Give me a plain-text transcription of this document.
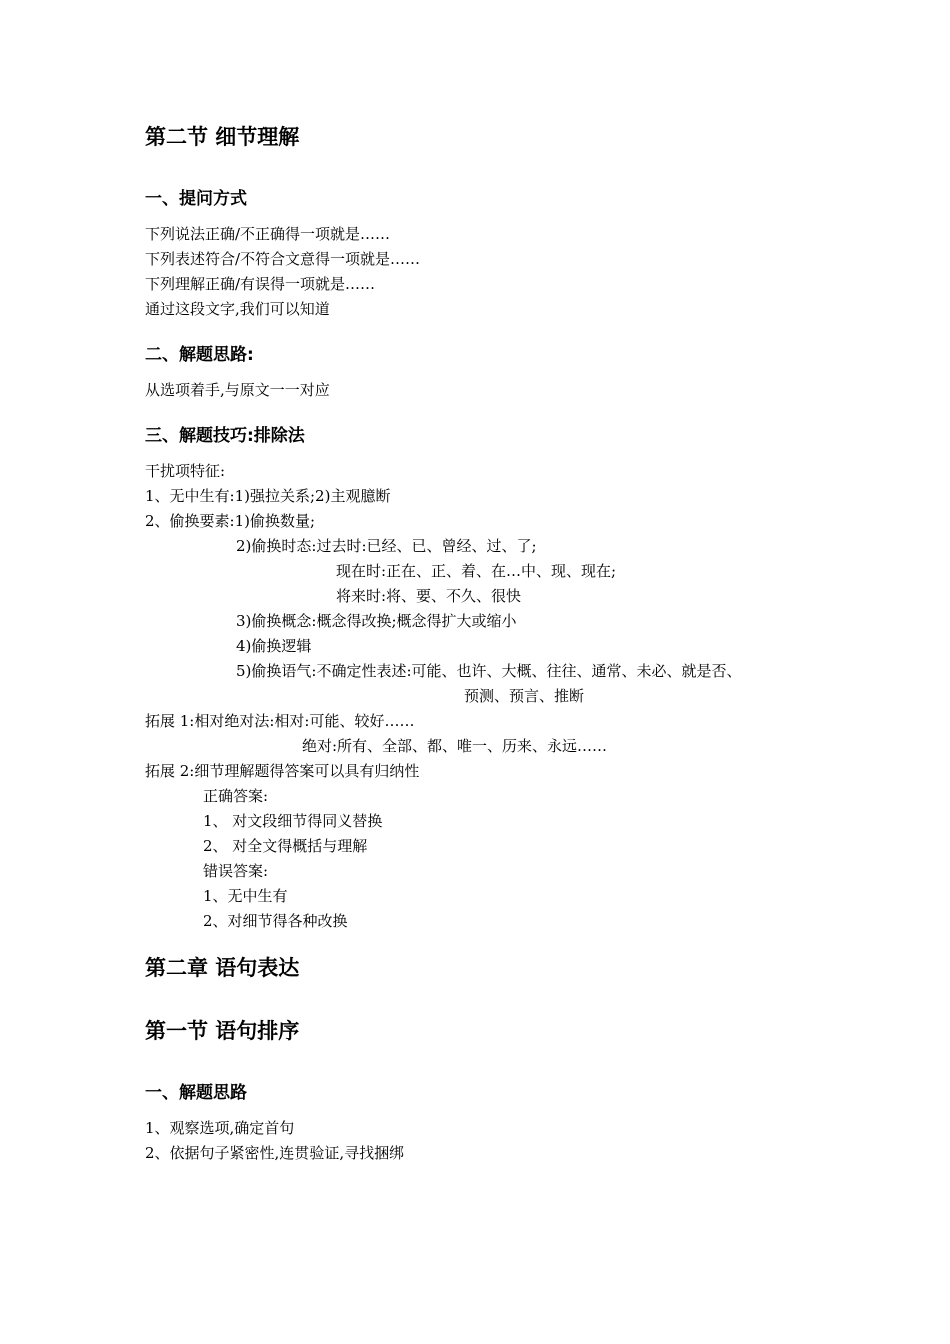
第二节 细节理解
一、提问方式
下列说法正确/不正确得一项就是……
下列表述符合/不符合文意得一项就是……
下列理解正确/有误得一项就是……
通过这段文字,我们可以知道
二、解题思路:
从选项着手,与原文一一对应
三、解题技巧:排除法
干扰项特征:
1、无中生有:1)强拉关系;2)主观臆断
2、偷换要素:1)偷换数量;
2)偷换时态:过去时:已经、已、曾经、过、了;
现在时:正在、正、着、在…中、现、现在;
将来时:将、要、不久、很快
3)偷换概念:概念得改换;概念得扩大或缩小
4)偷换逻辑
5)偷换语气:不确定性表述:可能、也许、大概、往往、通常、未必、就是否、
预测、预言、推断
拓展 1:相对绝对法:相对:可能、较好……
绝对:所有、全部、都、唯一、历来、永远……
拓展 2:细节理解题得答案可以具有归纳性
正确答案:
1、 对文段细节得同义替换
2、 对全文得概括与理解
错误答案:
1、无中生有
2、对细节得各种改换
第二章 语句表达
第一节 语句排序
一、解题思路
1、观察选项,确定首句
2、依据句子紧密性,连贯验证,寻找捆绑
